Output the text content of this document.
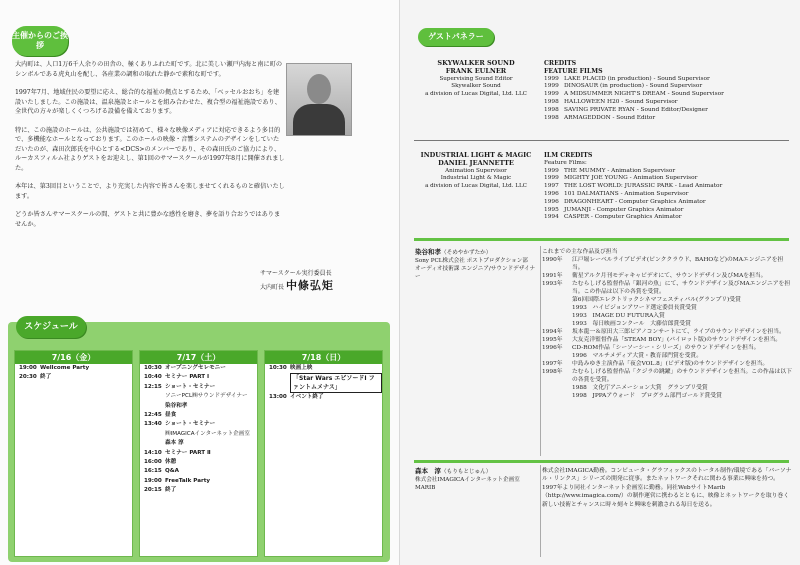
主催からのご挨拶

大内町は、人口1万6千人余りの田舎の、極くありふれた町です。北に美しい瀬戸内海と南に町のシンボルである虎丸山を配し、各産業の調和の取れた静かで素和な町です。

1997年7月、地域住民の要望に応え、総合的な福祉の拠点とするため、「ベッセルおおち」を建設いたしました。この施設は、温泉施設とホールとを組み合わせた、複合型の福祉施設であり、全世代の方々が楽しくくつろげる設備を備えております。

特に、この施設のホールは、公共施設では初めて、様々な映像メディアに対応できるよう多目的で、多機能なホールとなっております。このホールの映像・音響システムのデザインをしていただいたのが、森田次郎氏を中心とする<DCS>のメンバーであり、その森田氏のご協力により、ルーカスフィルム社よりゲストをお迎えし、第1回のサマースクールが1997年8月に開催されました。

本年は、第3回目ということで、より充実した内容で皆さんを楽しませてくれるものと確信いたします。

どうか皆さんサマースクールの間、ゲストと共に豊かな感性を磨き、夢を語り合おうではありませんか。

サマースクール実行委員長
大内町長 中條弘矩
スケジュール
7/16（金）
19:00 Wellcome Party
20:30 終了
7/17（土）
10:30 オープニングセレモニー
10:40 セミナー PART Ⅰ
12:15 ショート・セミナー
ソニーPCL㈱サウンドデザイナー
染谷和孝
12:45 昼食
13:40 ショート・セミナー
㈱IMAGICAインターネット企画室
森本 淳
14:10 セミナー PART Ⅱ
16:00 休憩
16:15 Q&A
19:00 FreeTalk Party
20:15 終了
7/18（日）
10:30 映画上映
「Star Wars エピソードⅠ ファントムメナス」
13:00 イベント終了
ゲストパネラー
SKYWALKER SOUND
FRANK EULNER
Supervising Sound Editor
Skywalker Sound
a division of Lucas Digital, Ltd. LLC
CREDITS
FEATURE FILMS
1999 LAKE PLACID (in production) - Sound Supervisor
1999 DINOSAUR (in production) - Sound Supervisor
1999 A MIDSUMMER NIGHT'S DREAM - Sound Supervisor
1998 HALLOWEEN H20 - Sound Supervisor
1998 SAVING PRIVATE RYAN - Sound Editor/Designer
1998 ARMAGEDDON - Sound Editor
INDUSTRIAL LIGHT & MAGIC
DANIEL JEANNETTE
Animation Supervisor
Industrial Light & Magic
a division of Lucas Digital, Ltd. LLC
ILM CREDITS
Feature Films:
1999 THE MUMMY - Animation Supervisor
1999 MIGHTY JOE YOUNG - Animation Supervisor
1997 THE LOST WORLD: JURASSIC PARK - Lead Animator
1996 101 DALMATIANS - Animation Supervisor
1996 DRAGONHEART - Computer Graphics Animator
1995 JUMANJI - Computer Graphics Animator
1994 CASPER - Computer Graphics Animator
染谷和孝（そめやかずたか）
Sony PCL株式会社 ポストプロダクション部
オーディオ技術課 エンジニア/サウンドデザイナー
これまでの主な作品及び担当
1990年	江戸堀レーベルライブビデオ(ピンククラウド、BAHOなど)のMAエンジニアを担当。
1991年	衛星アルク月刊モデャキャビデオにて、サウンドデザイン及びMAを担当。
1993年	たむらしげる監督作品「銀河の魚」にて、サウンドデザイン及びMAエンジニアを担当。この作品は以下の各賞を受賞。
第6回国際エレクトリックシネマフェスティバル(グランプリ)受賞
1993　ハイビジョンアワード選定委員長賞受賞
1993　IMAGE DU FUTURA入賞
1993　毎日映画コンクール　大藤信郎賞受賞
1994年	坂本龍一＆原田大三郎ピアノコンサートにて、ライブのサウンドデザインを担当。
1995年	大友克洋監督作品「STEAM BOY」(パイロット版)のサウンドデザインを担当。
1996年	CD-ROM作品「シーソーシー・シリーズ」のサウンドデザインを担当。
1996　マルチメディア大賞・教育部門賞を受賞。
1997年	中島みゆき主演作品「夜会VOL.8」(ビデオ版)のサウンドデザインを担当。
1998年	たむらしげる監督作品「クジラの跳躍」のサウンドデザインを担当。この作品は以下の各賞を受賞。
1988　文化庁アニメーション大賞　グランプリ受賞
1998　JPPAアウォード　プログラム部門ゴールド賞受賞
森本　淳（もりもとじゅん）
株式会社IMAGICAインターネット企画室
MARIB
株式会社IMAGICA勤務。コンピュータ・グラフィックスのトータル制作/環境である「バーソナル・リンクス」シリーズの開発に従事。またネットワークそれに関わる事業に興味を持つ。
1997年より同社インターネット企画室に勤務。同社WebサイトMarib（http://www.imagica.com/）の制作運営に携わるとともに、映像とネットワークを取り巻く新しい技術とチャンスに時々刻々と興味を刺激される毎日を送る。
